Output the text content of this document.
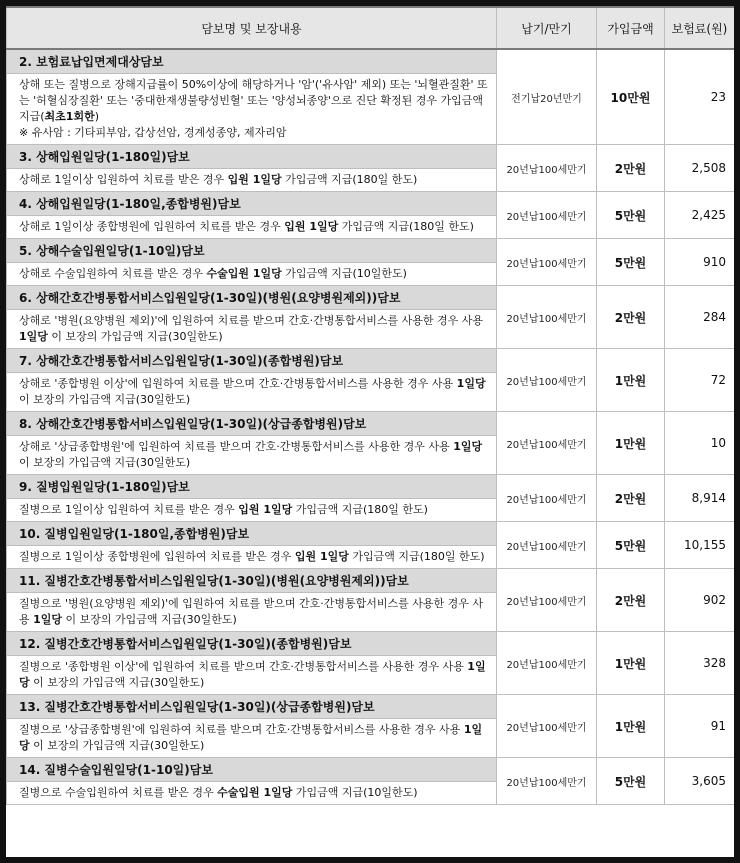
담보명 및 보장내용	납기/만기	가입금액	보험료(원)
2. 보험료납입면제대상담보	전기납20년만기	10만원	23
상해 또는 질병으로 장해지급률이 50%이상에 해당하거나 '암'('유사암' 제외) 또는 '뇌혈관질환' 또는 '허혈심장질환' 또는 '중대한재생불량성빈혈' 또는 '양성뇌종양'으로 진단 확정된 경우 가입금액 지급(최초1회한)
※ 유사암 : 기타피부암, 갑상선암, 경계성종양, 제자리암			
3. 상해입원일당(1-180일)담보	20년납100세만기	2만원	2,508
상해로 1일이상 입원하여 치료를 받은 경우 입원 1일당 가입금액 지급(180일 한도)			
4. 상해입원일당(1-180일,종합병원)담보	20년납100세만기	5만원	2,425
상해로 1일이상 종합병원에 입원하여 치료를 받은 경우 입원 1일당 가입금액 지급(180일 한도)			
5. 상해수술입원일당(1-10일)담보	20년납100세만기	5만원	910
상해로 수술입원하여 치료를 받은 경우 수술입원 1일당 가입금액 지급(10일한도)			
6. 상해간호간병통합서비스입원일당(1-30일)(병원(요양병원제외))담보	20년납100세만기	2만원	284
상해로 '병원(요양병원 제외)'에 입원하여 치료를 받으며 간호·간병통합서비스를 사용한 경우 사용 1일당 이 보장의 가입금액 지급(30일한도)			
7. 상해간호간병통합서비스입원일당(1-30일)(종합병원)담보	20년납100세만기	1만원	72
상해로 '종합병원 이상'에 입원하여 치료를 받으며 간호·간병통합서비스를 사용한 경우 사용 1일당 이 보장의 가입금액 지급(30일한도)			
8. 상해간호간병통합서비스입원일당(1-30일)(상급종합병원)담보	20년납100세만기	1만원	10
상해로 '상급종합병원'에 입원하여 치료를 받으며 간호·간병통합서비스를 사용한 경우 사용 1일당 이 보장의 가입금액 지급(30일한도)			
9. 질병입원일당(1-180일)담보	20년납100세만기	2만원	8,914
질병으로 1일이상 입원하여 치료를 받은 경우 입원 1일당 가입금액 지급(180일 한도)			
10. 질병입원일당(1-180일,종합병원)담보	20년납100세만기	5만원	10,155
질병으로 1일이상 종합병원에 입원하여 치료를 받은 경우 입원 1일당 가입금액 지급(180일 한도)			
11. 질병간호간병통합서비스입원일당(1-30일)(병원(요양병원제외))담보	20년납100세만기	2만원	902
질병으로 '병원(요양병원 제외)'에 입원하여 치료를 받으며 간호·간병통합서비스를 사용한 경우 사용 1일당 이 보장의 가입금액 지급(30일한도)			
12. 질병간호간병통합서비스입원일당(1-30일)(종합병원)담보	20년납100세만기	1만원	328
질병으로 '종합병원 이상'에 입원하여 치료를 받으며 간호·간병통합서비스를 사용한 경우 사용 1일당 이 보장의 가입금액 지급(30일한도)			
13. 질병간호간병통합서비스입원일당(1-30일)(상급종합병원)담보	20년납100세만기	1만원	91
질병으로 '상급종합병원'에 입원하여 치료를 받으며 간호·간병통합서비스를 사용한 경우 사용 1일당 이 보장의 가입금액 지급(30일한도)			
14. 질병수술입원일당(1-10일)담보	20년납100세만기	5만원	3,605
질병으로 수술입원하여 치료를 받은 경우 수술입원 1일당 가입금액 지급(10일한도)			
